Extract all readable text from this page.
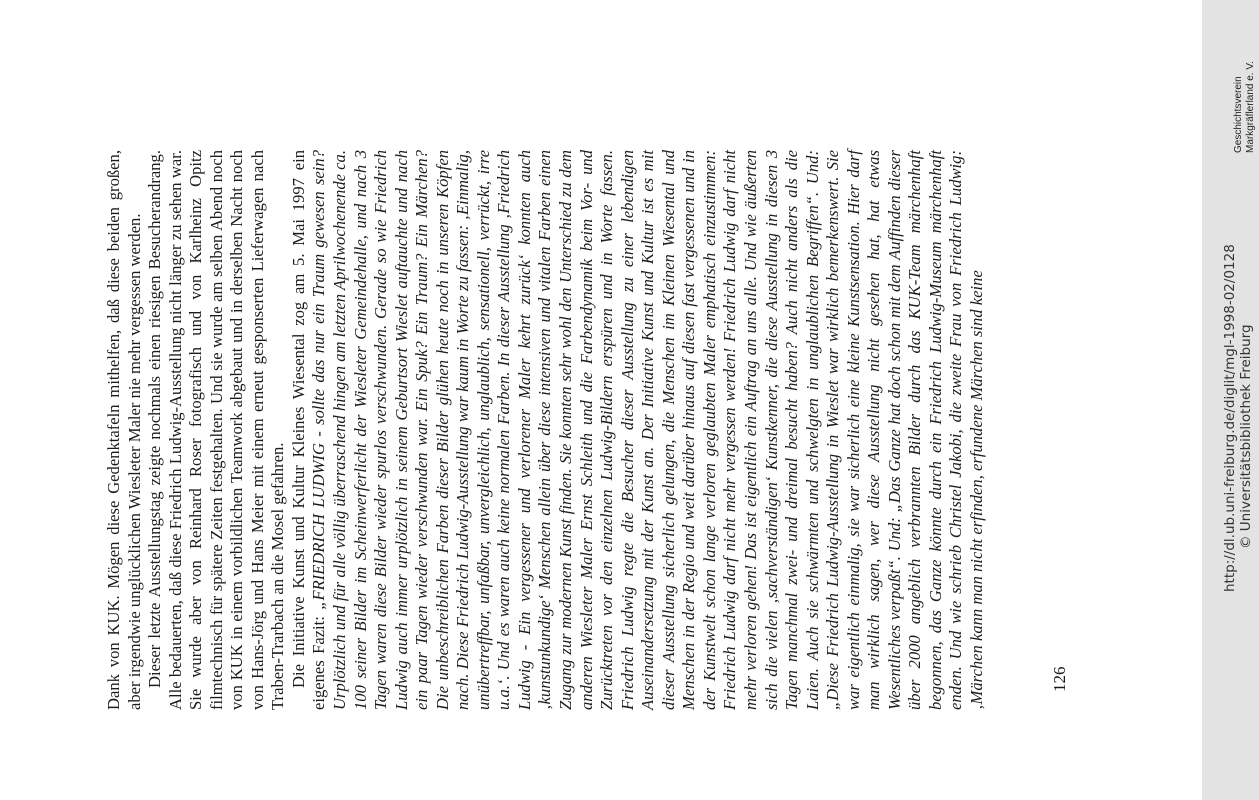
Dank von KUK. Mögen diese Gedenktafeln mithelfen, daß diese beiden großen, aber irgendwie unglücklichen Wiesleter Maler nie mehr vergessen werden. Dieser letzte Ausstellungstag zeigte nochmals einen riesigen Besucherandrang. Alle bedauerten, daß diese Friedrich Ludwig-Ausstellung nicht länger zu sehen war. Sie wurde aber von Reinhard Roser fotografisch und von Karlheinz Opitz filmtechnisch für spätere Zeiten festgehalten. Und sie wurde am selben Abend noch von KUK in einem vorbildlichen Teamwork abgebaut und in derselben Nacht noch von Hans-Jörg und Hans Meier mit einem erneut gesponserten Lieferwagen nach Traben-Trarbach an die Mosel gefahren. Die Initiative Kunst und Kultur Kleines Wiesental zog am 5. Mai 1997 ein eigenes Fazit: „FRIEDRICH LUDWIG - sollte das nur ein Traum gewesen sein? Urplötzlich und für alle völlig überraschend hingen am letzten Aprilwochenende ca. 100 seiner Bilder im Scheinwerferlicht der Wiesleter Gemeindehalle, und nach 3 Tagen waren diese Bilder wieder spurlos verschwunden. Gerade so wie Friedrich Ludwig auch immer urplötzlich in seinem Geburtsort Wieslet auftauchte und nach ein paar Tagen wieder verschwunden war. Ein Spuk? Ein Traum? Ein Märchen? Die unbeschreiblichen Farben dieser Bilder glühen heute noch in unseren Köpfen nach. Diese Friedrich Ludwig-Ausstellung war kaum in Worte zu fassen: ‚Einmalig, unübertreffbar, unfaßbar, unvergleichlich, unglaublich, sensationell, verrückt, irre u.a.‘. Und es waren auch keine normalen Farben. In dieser Ausstellung ‚Friedrich Ludwig - Ein vergessener und verlorener Maler kehrt zurück‘ konnten auch ‚kunstunkundige‘ Menschen allein über diese intensiven und vitalen Farben einen Zugang zur modernen Kunst finden. Sie konnten sehr wohl den Unterschied zu dem anderen Wiesleter Maler Ernst Schleith und die Farbendynamik beim Vor- und Zurücktreten vor den einzelnen Ludwig-Bildern erspüren und in Worte fassen. Friedrich Ludwig regte die Besucher dieser Ausstellung zu einer lebendigen Auseinandersetzung mit der Kunst an. Der Initiative Kunst und Kultur ist es mit dieser Ausstellung sicherlich gelungen, die Menschen im Kleinen Wiesental und Menschen in der Regio und weit darüber hinaus auf diesen fast vergessenen und in der Kunstwelt schon lange verloren geglaubten Maler emphatisch einzustimmen: Friedrich Ludwig darf nicht mehr vergessen werden! Friedrich Ludwig darf nicht mehr verloren gehen! Das ist eigentlich ein Auftrag an uns alle. Und wie äußerten sich die vielen ‚sachverständigen‘ Kunstkenner, die diese Ausstellung in diesen 3 Tagen manchmal zwei- und dreimal besucht haben? Auch nicht anders als die Laien. Auch sie schwärmten und schwelgten in unglaublichen Begriffen“. Und: „Diese Friedrich Ludwig-Ausstellung in Wieslet war wirklich bemerkenswert. Sie war eigentlich einmalig, sie war sicherlich eine kleine Kunstsensation. Hier darf man wirklich sagen, wer diese Ausstellung nicht gesehen hat, hat etwas Wesentliches verpaßt“. Und: „Das Ganze hat doch schon mit dem Auffinden dieser über 2000 angeblich verbrannten Bilder durch das KUK-Team märchenhaft begonnen, das Ganze könnte durch ein Friedrich Ludwig-Museum märchenhaft enden. Und wie schrieb Christel Jakobi, die zweite Frau von Friedrich Ludwig: ‚Märchen kann man nicht erfinden, erfundene Märchen sind keine	126
http://dl.ub.uni-freiburg.de/diglit/mgl-1998-02/0128 © Universitätsbibliothek Freiburg
Geschichtsverein Markgräflerland e. V.
